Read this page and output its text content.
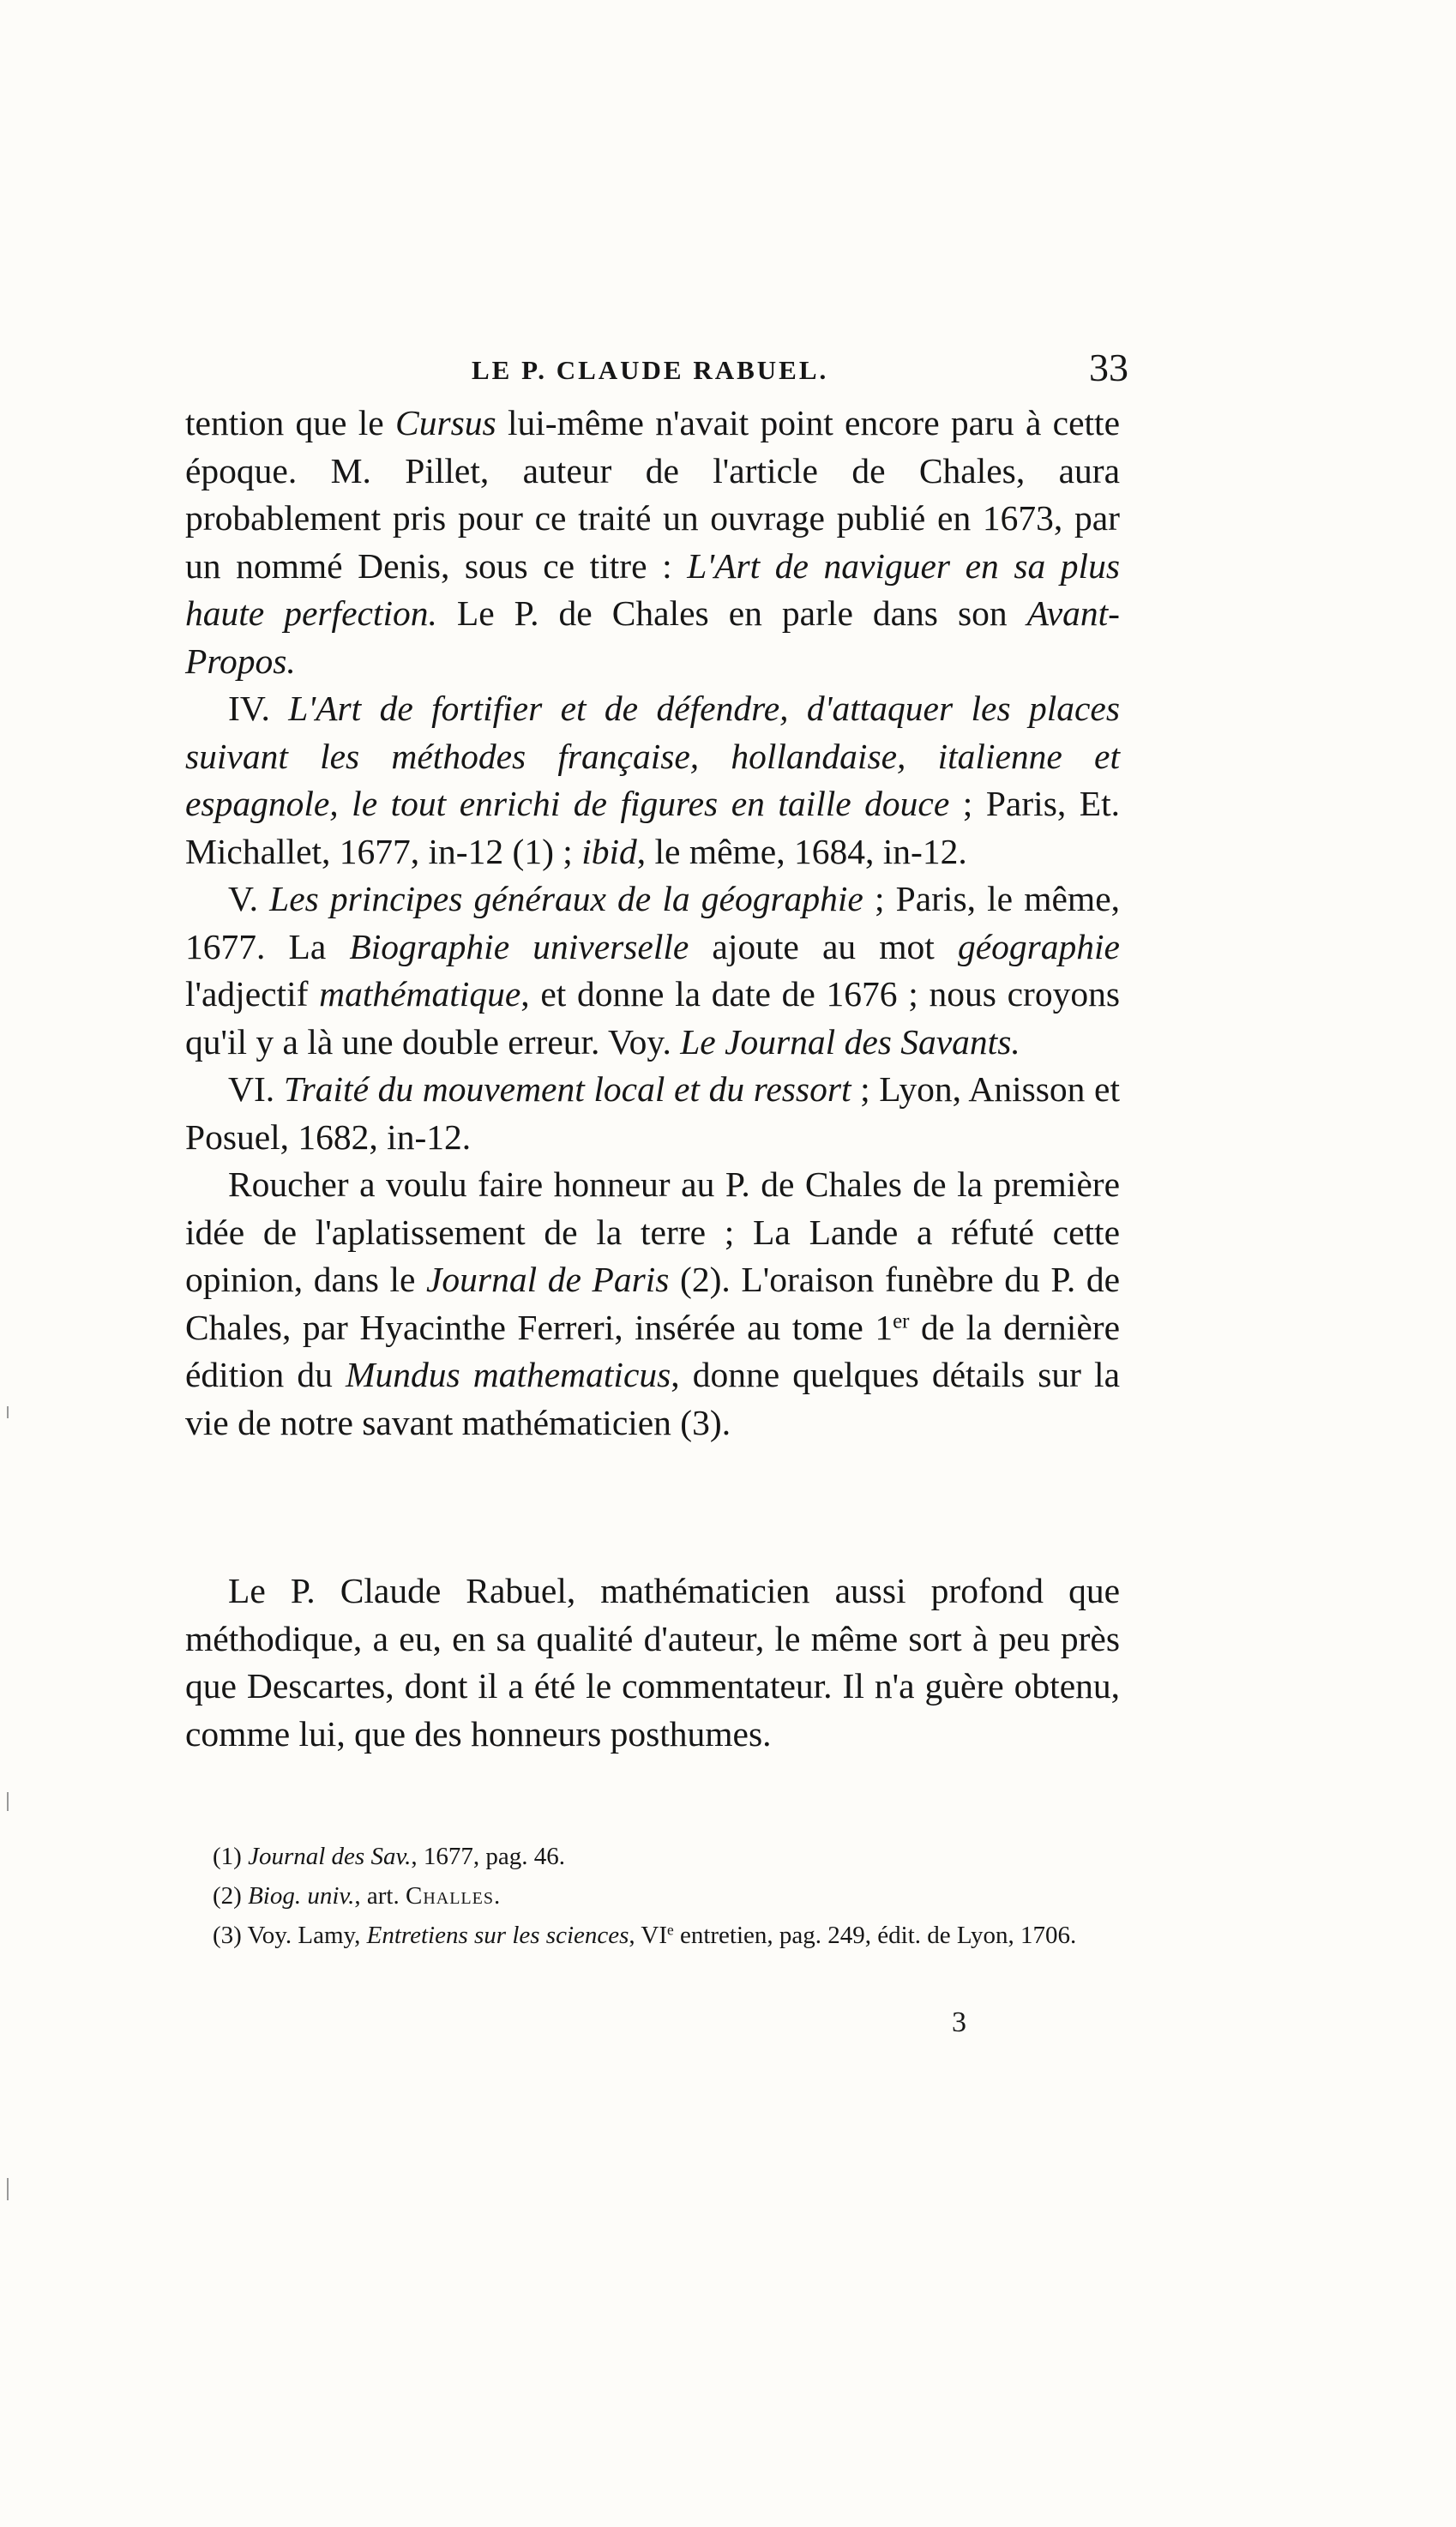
LE P. CLAUDE RABUEL.	33

tention que le Cursus lui-même n'avait point encore paru à cette époque. M. Pillet, auteur de l'article de Chales, aura probablement pris pour ce traité un ouvrage publié en 1673, par un nommé Denis, sous ce titre : L'Art de naviguer en sa plus haute perfection. Le P. de Chales en parle dans son Avant-Propos.

IV. L'Art de fortifier et de défendre, d'attaquer les places suivant les méthodes française, hollandaise, italienne et espagnole, le tout enrichi de figures en taille douce ; Paris, Et. Michallet, 1677, in-12 (1) ; ibid, le même, 1684, in-12.

V. Les principes généraux de la géographie ; Paris, le même, 1677. La Biographie universelle ajoute au mot géographie l'adjectif mathématique, et donne la date de 1676 ; nous croyons qu'il y a là une double erreur. Voy. Le Journal des Savants.

VI. Traité du mouvement local et du ressort ; Lyon, Anisson et Posuel, 1682, in-12.

Roucher a voulu faire honneur au P. de Chales de la première idée de l'aplatissement de la terre ; La Lande a réfuté cette opinion, dans le Journal de Paris (2). L'oraison funèbre du P. de Chales, par Hyacinthe Ferreri, insérée au tome 1er de la dernière édition du Mundus mathematicus, donne quelques détails sur la vie de notre savant mathématicien (3).

Le P. Claude Rabuel, mathématicien aussi profond que méthodique, a eu, en sa qualité d'auteur, le même sort à peu près que Descartes, dont il a été le commentateur. Il n'a guère obtenu, comme lui, que des honneurs posthumes.

(1) Journal des Sav., 1677, pag. 46.

(2) Biog. univ., art. Challes.

(3) Voy. Lamy, Entretiens sur les sciences, VIe entretien, pag. 249, édit. de Lyon, 1706.

3
